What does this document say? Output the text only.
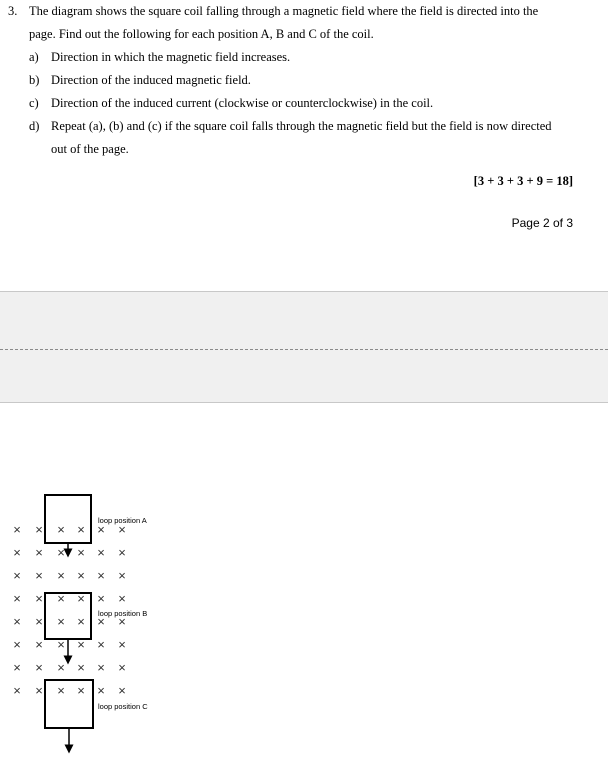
3. The diagram shows the square coil falling through a magnetic field where the field is directed into the
page. Find out the following for each position A, B and C of the coil.
a) Direction in which the magnetic field increases.
b) Direction of the induced magnetic field.
c) Direction of the induced current (clockwise or counterclockwise) in the coil.
d) Repeat (a), (b) and (c) if the square coil falls through the magnetic field but the field is now directed
out of the page.
[3 + 3 + 3 + 9 = 18]
Page 2 of 3
× × × × × ×
× × × × × ×
× × × × × ×
× × × × × ×
× × × × × ×
× × × × × ×
× × × × × ×
× × × × × ×
loop position A
loop position B
loop position C
